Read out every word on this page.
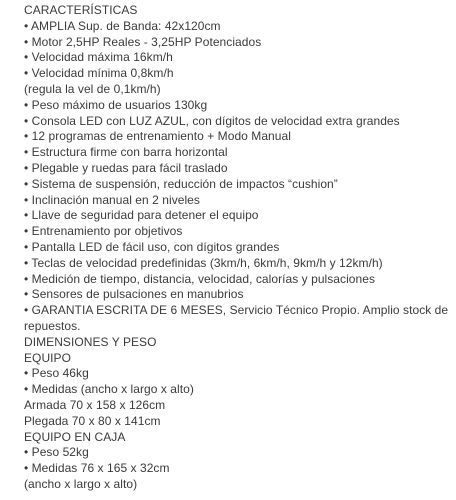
CARACTERÍSTICAS
• AMPLIA Sup. de Banda: 42x120cm
• Motor 2,5HP Reales - 3,25HP Potenciados
• Velocidad máxima 16km/h
• Velocidad mínima 0,8km/h
(regula la vel de 0,1km/h)
• Peso máximo de usuarios 130kg
• Consola LED con LUZ AZUL, con dígitos de velocidad extra grandes
• 12 programas de entrenamiento + Modo Manual
• Estructura firme con barra horizontal
• Plegable y ruedas para fácil traslado
• Sistema de suspensión, reducción de impactos “cushion”
• Inclinación manual en 2 niveles
• Llave de seguridad para detener el equipo
• Entrenamiento por objetivos
• Pantalla LED de fácil uso, con dígitos grandes
• Teclas de velocidad predefinidas (3km/h, 6km/h, 9km/h y 12km/h)
• Medición de tiempo, distancia, velocidad, calorías y pulsaciones
• Sensores de pulsaciones en manubrios
• GARANTIA ESCRITA DE 6 MESES, Servicio Técnico Propio. Amplio stock de repuestos.
DIMENSIONES Y PESO
EQUIPO
• Peso 46kg
• Medidas (ancho x largo x alto)
Armada 70 x 158 x 126cm
Plegada 70 x 80 x 141cm
EQUIPO EN CAJA
• Peso 52kg
• Medidas 76 x 165 x 32cm
(ancho x largo x alto)
